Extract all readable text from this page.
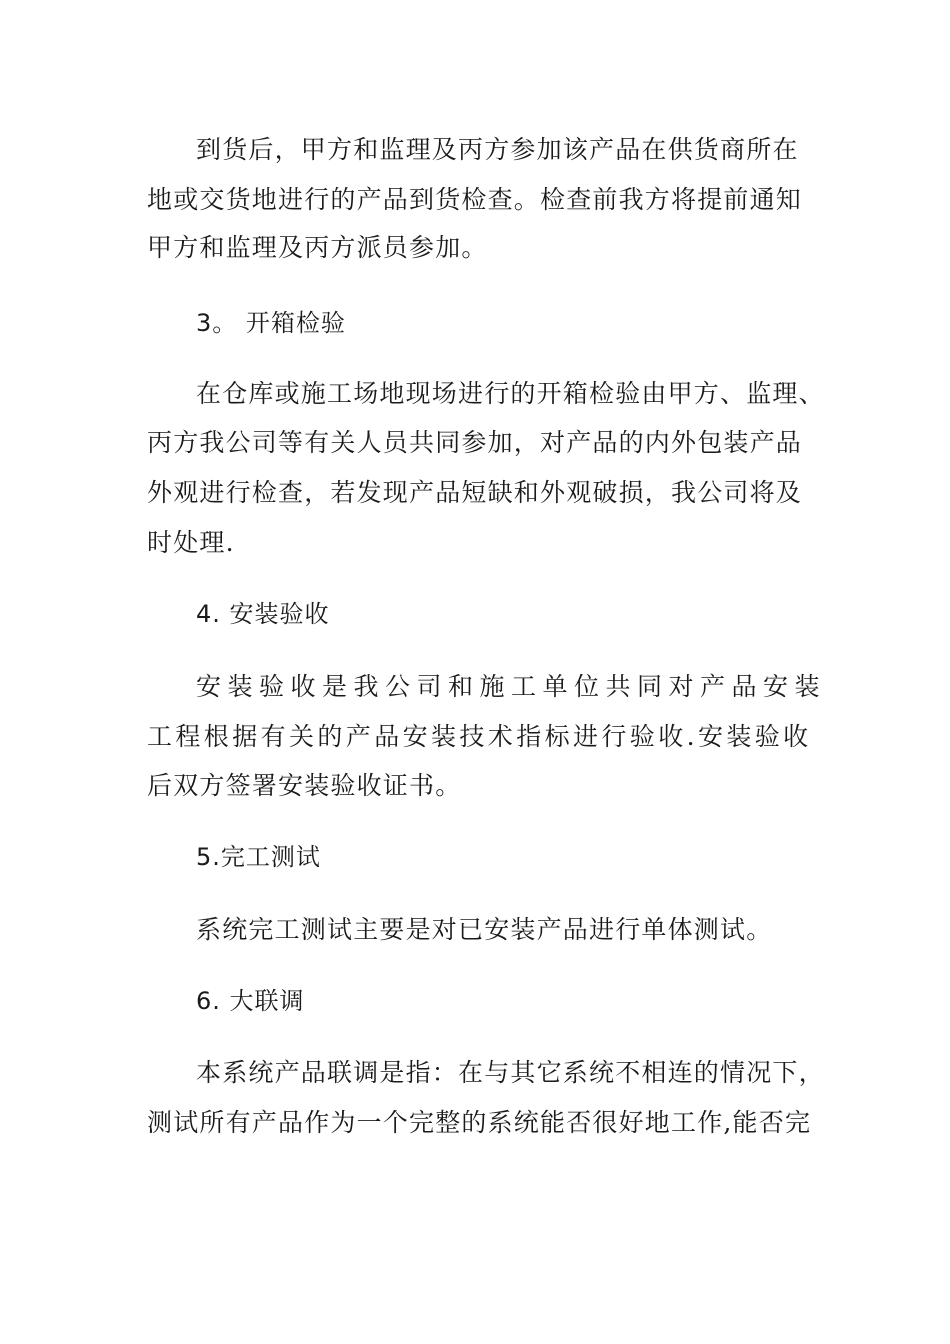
到货后，甲方和监理及丙方参加该产品在供货商所在
地或交货地进行的产品到货检查。检查前我方将提前通知
甲方和监理及丙方派员参加。
3。 开箱检验
在仓库或施工场地现场进行的开箱检验由甲方、监理、
丙方我公司等有关人员共同参加，对产品的内外包装产品
外观进行检查，若发现产品短缺和外观破损，我公司将及
时处理.
4. 安装验收
安装验收是我公司和施工单位共同对产品安装
工程根据有关的产品安装技术指标进行验收.安装验收
后双方签署安装验收证书。
5.完工测试
系统完工测试主要是对已安装产品进行单体测试。
6. 大联调
本系统产品联调是指：在与其它系统不相连的情况下，
测试所有产品作为一个完整的系统能否很好地工作,能否完
